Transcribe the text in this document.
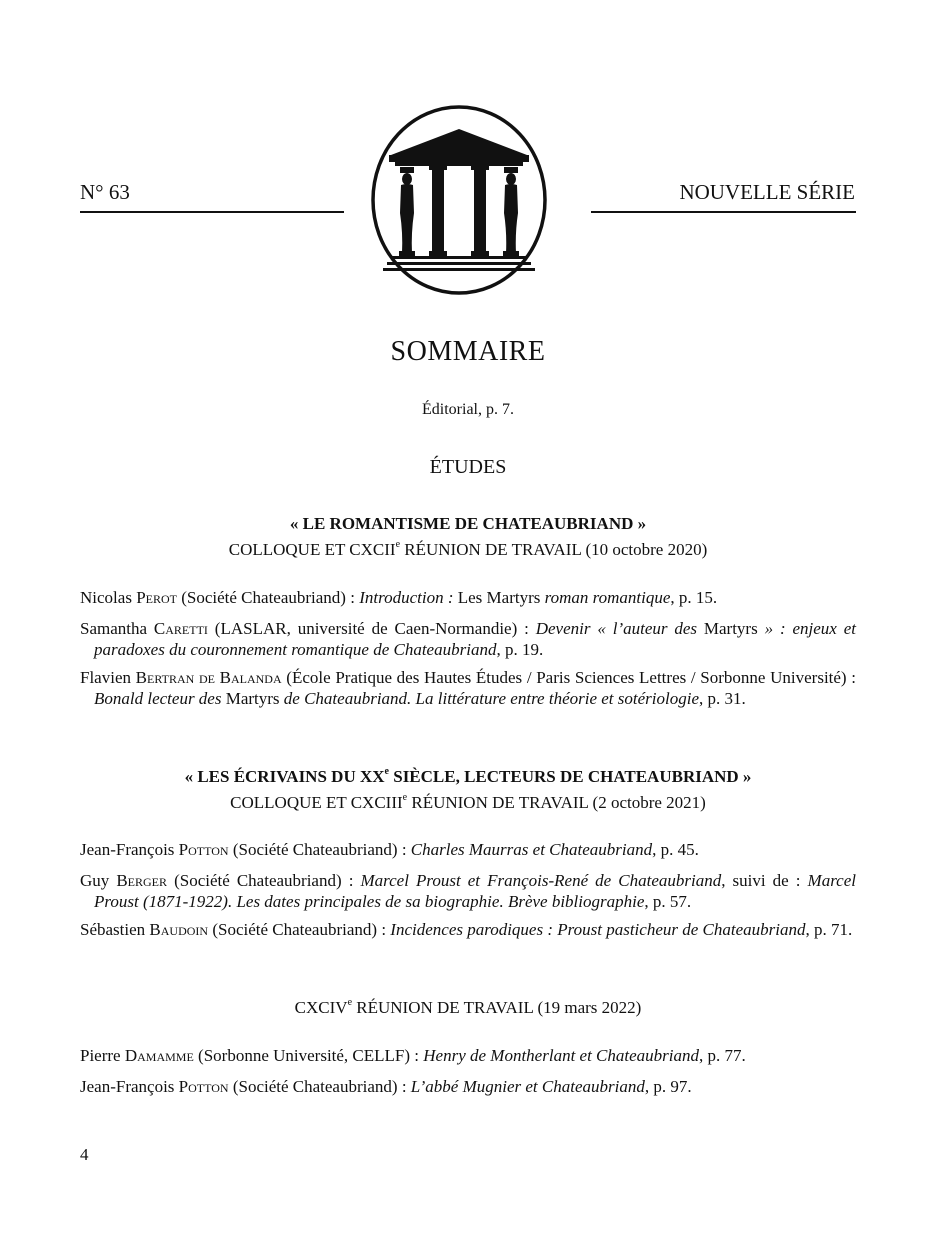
N° 63	NOUVELLE SÉRIE
SOMMAIRE
Éditorial, p. 7.
ÉTUDES
« LE ROMANTISME DE CHATEAUBRIAND »
COLLOQUE ET CXCIIe RÉUNION DE TRAVAIL (10 octobre 2020)
Nicolas Perot (Société Chateaubriand) : Introduction : Les Martyrs roman romantique, p. 15.
Samantha Caretti (LASLAR, université de Caen-Normandie) : Devenir « l’auteur des Martyrs » : enjeux et paradoxes du couronnement romantique de Chateaubriand, p. 19.
Flavien Bertran de Balanda (École Pratique des Hautes Études / Paris Sciences Lettres / Sorbonne Université) : Bonald lecteur des Martyrs de Chateaubriand. La littérature entre théorie et sotériologie, p. 31.
« LES ÉCRIVAINS DU XXe SIÈCLE, LECTEURS DE CHATEAUBRIAND »
COLLOQUE ET CXCIIIe RÉUNION DE TRAVAIL (2 octobre 2021)
Jean-François Potton (Société Chateaubriand) : Charles Maurras et Chateaubriand, p. 45.
Guy Berger (Société Chateaubriand) : Marcel Proust et François-René de Chateaubriand, suivi de : Marcel Proust (1871-1922). Les dates principales de sa biographie. Brève bibliographie, p. 57.
Sébastien Baudoin (Société Chateaubriand) : Incidences parodiques : Proust pasticheur de Chateaubriand, p. 71.
CXCIVe RÉUNION DE TRAVAIL (19 mars 2022)
Pierre Damamme (Sorbonne Université, CELLF) : Henry de Montherlant et Chateaubriand, p. 77.
Jean-François Potton (Société Chateaubriand) : L’abbé Mugnier et Chateaubriand, p. 97.
4
